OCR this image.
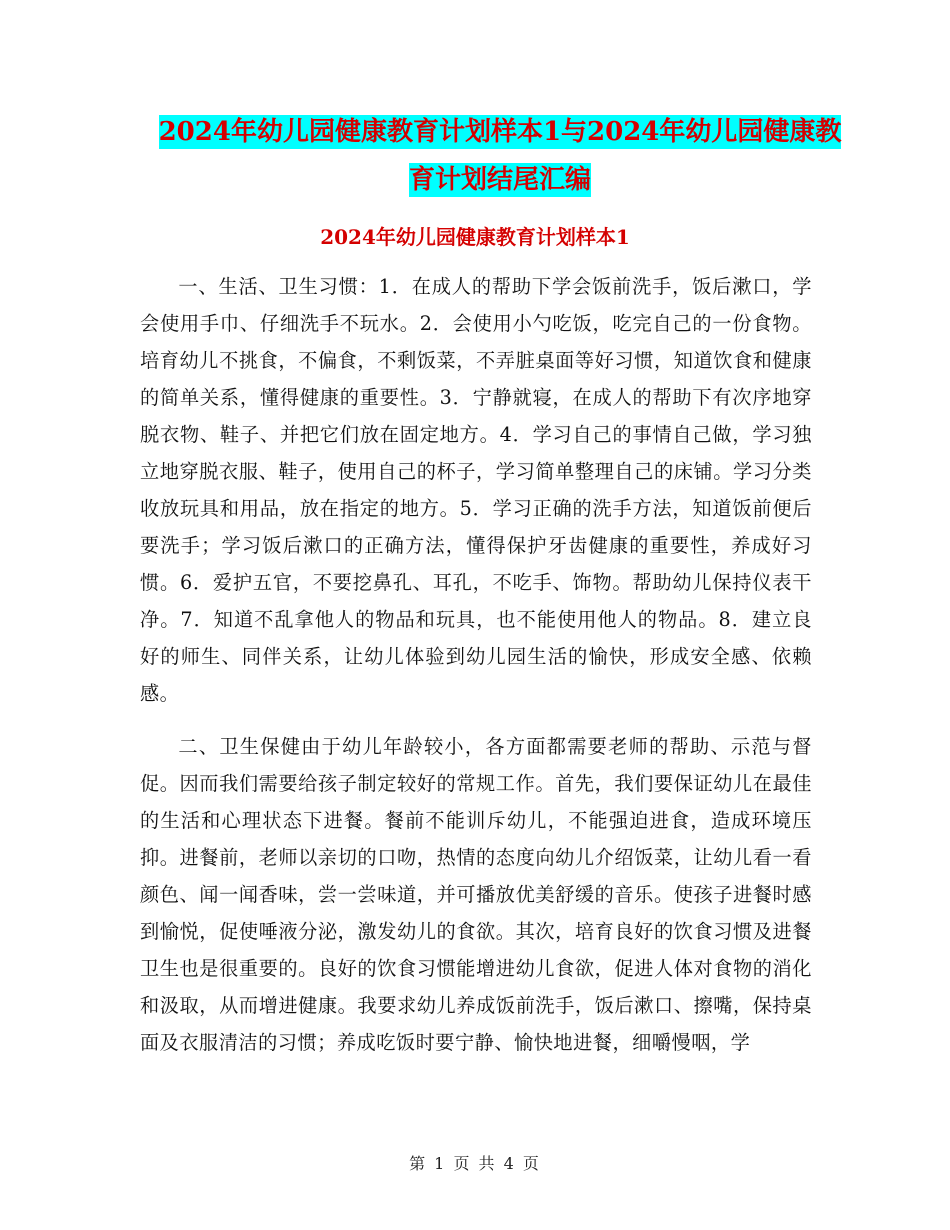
2024年幼儿园健康教育计划样本1与2024年幼儿园健康教育计划结尾汇编
2024年幼儿园健康教育计划样本1

一、生活、卫生习惯：1．在成人的帮助下学会饭前洗手，饭后漱口，学会使用手巾、仔细洗手不玩水。2．会使用小勺吃饭，吃完自己的一份食物。培育幼儿不挑食，不偏食，不剩饭菜，不弄脏桌面等好习惯，知道饮食和健康的简单关系，懂得健康的重要性。3．宁静就寝，在成人的帮助下有次序地穿脱衣物、鞋子、并把它们放在固定地方。4．学习自己的事情自己做，学习独立地穿脱衣服、鞋子，使用自己的杯子，学习简单整理自己的床铺。学习分类收放玩具和用品，放在指定的地方。5．学习正确的洗手方法，知道饭前便后要洗手；学习饭后漱口的正确方法，懂得保护牙齿健康的重要性，养成好习惯。6．爱护五官，不要挖鼻孔、耳孔，不吃手、饰物。帮助幼儿保持仪表干净。7．知道不乱拿他人的物品和玩具，也不能使用他人的物品。8．建立良好的师生、同伴关系，让幼儿体验到幼儿园生活的愉快，形成安全感、依赖感。

二、卫生保健由于幼儿年龄较小，各方面都需要老师的帮助、示范与督促。因而我们需要给孩子制定较好的常规工作。首先，我们要保证幼儿在最佳的生活和心理状态下进餐。餐前不能训斥幼儿，不能强迫进食，造成环境压抑。进餐前，老师以亲切的口吻，热情的态度向幼儿介绍饭菜，让幼儿看一看颜色、闻一闻香味，尝一尝味道，并可播放优美舒缓的音乐。使孩子进餐时感到愉悦，促使唾液分泌，激发幼儿的食欲。其次，培育良好的饮食习惯及进餐卫生也是很重要的。良好的饮食习惯能增进幼儿食欲，促进人体对食物的消化和汲取，从而增进健康。我要求幼儿养成饭前洗手，饭后漱口、擦嘴，保持桌面及衣服清洁的习惯；养成吃饭时要宁静、愉快地进餐，细嚼慢咽，学

第 1 页 共 4 页
